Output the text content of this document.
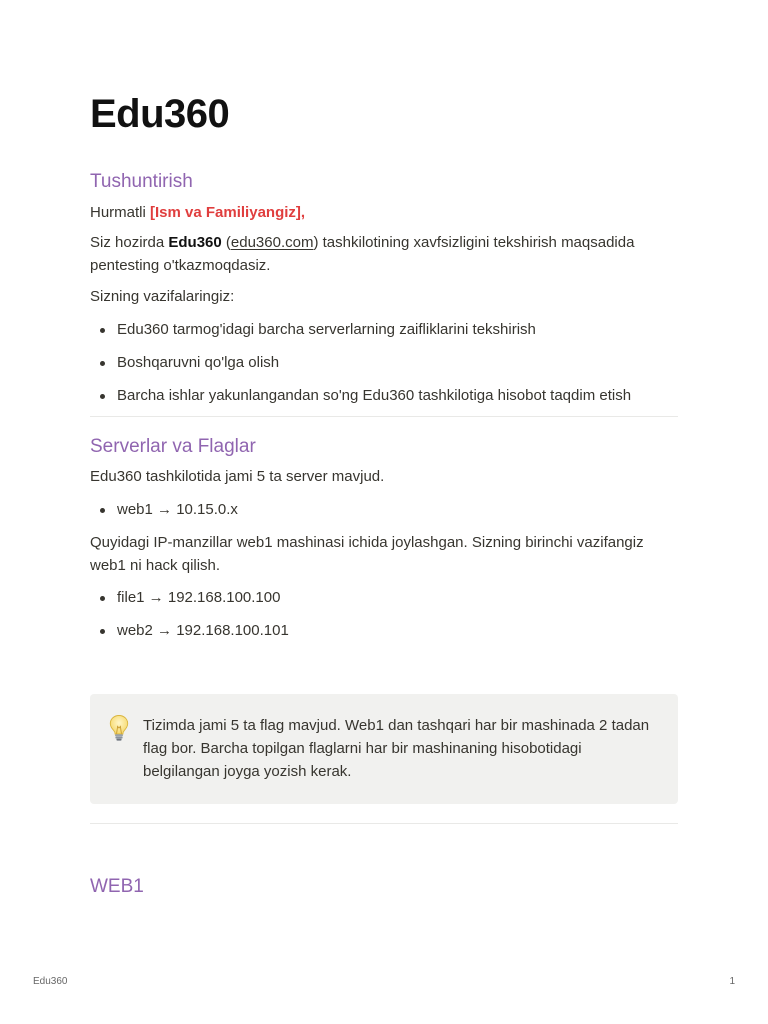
Edu360
Tushuntirish

Hurmatli [Ism va Familiyangiz],

Siz hozirda Edu360 (edu360.com) tashkilotining xavfsizligini tekshirish maqsadida pentesting o'tkazmoqdasiz.

Sizning vazifalaringiz:

Edu360 tarmog'idagi barcha serverlarning zaifliklarini tekshirish
Boshqaruvni qo'lga olish
Barcha ishlar yakunlangandan so'ng Edu360 tashkilotiga hisobot taqdim etish
Serverlar va Flaglar

Edu360 tashkilotida jami 5 ta server mavjud.

web1 → 10.15.0.x

Quyidagi IP-manzillar web1 mashinasi ichida joylashgan. Sizning birinchi vazifangiz web1 ni hack qilish.

file1 → 192.168.100.100
web2 → 192.168.100.101

Tizimda jami 5 ta flag mavjud. Web1 dan tashqari har bir mashinada 2 tadan flag bor. Barcha topilgan flaglarni har bir mashinaning hisobotidagi belgilangan joyga yozish kerak.

WEB1
Edu360	1
